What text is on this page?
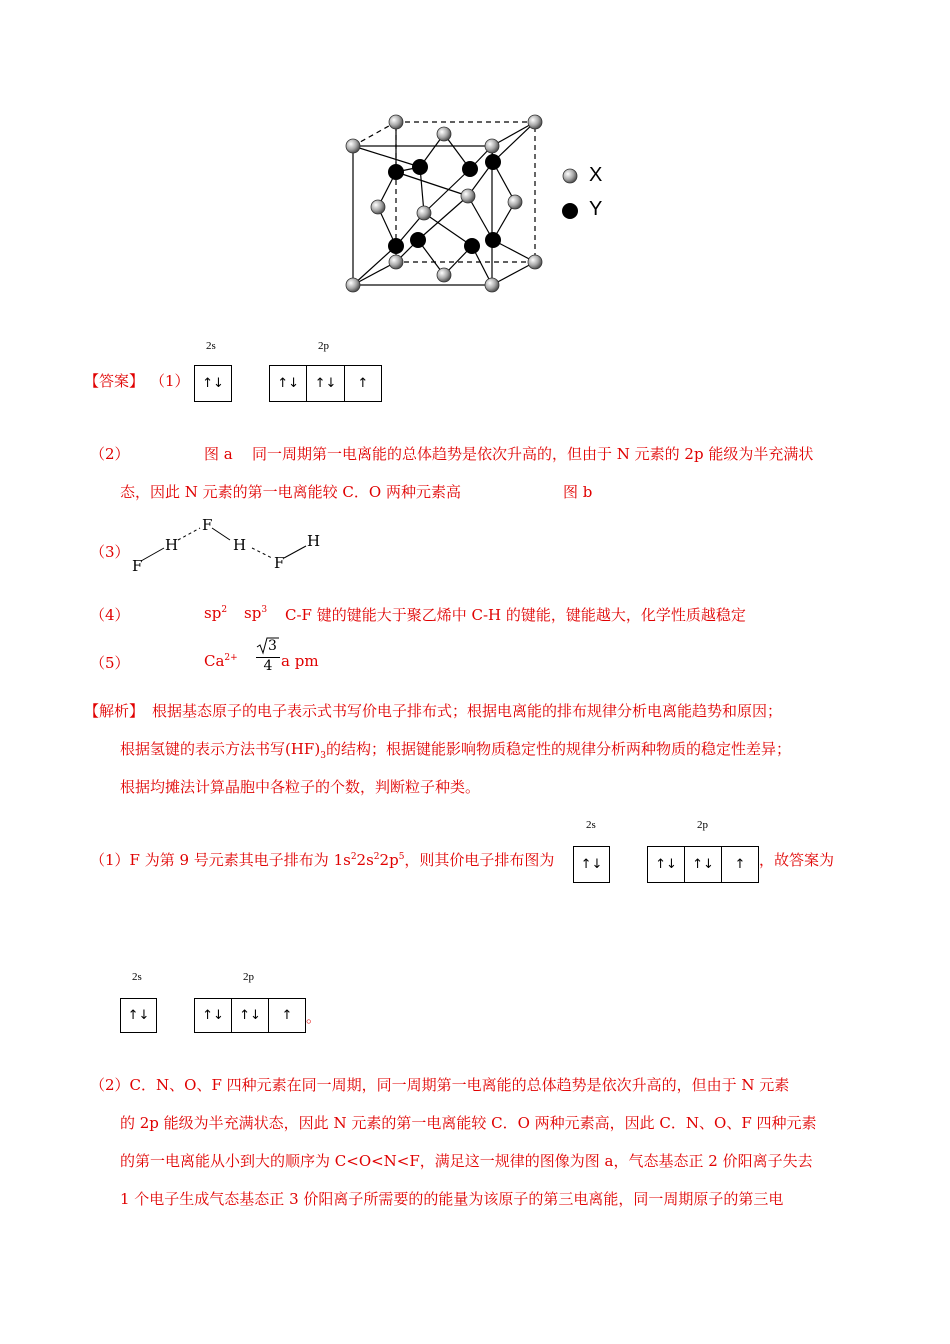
X
Y
【答案】 （1）
2s	2p
↑↓	↑↓	↑↓	↑
（2）	图 a 同一周期第一电离能的总体趋势是依次升高的，但由于 N 元素的 2p 能级为半充满状
态，因此 N 元素的第一电离能较 C．O 两种元素高	图 b
（3）
F
H
F
H
F
H
（4）	$sp^2$ $sp^3$ C-F 键的键能大于聚乙烯中 C-H 的键能，键能越大，化学性质越稳定
（5）	$Ca^{2+}$
3
4 a pm
【解析】 根据基态原子的电子表示式书写价电子排布式；根据电离能的排布规律分析电离能趋势和原因；
根据氢键的表示方法书写$(HF)_3$的结构；根据键能影响物质稳定性的规律分析两种物质的稳定性差异；
根据均摊法计算晶胞中各粒子的个数，判断粒子种类。
（1）F 为第 9 号元素其电子排布为 $1s^22s^22p^5$，则其价电子排布图为
2s	2p
↑↓	↑↓	↑↓	↑ ，故答案为
2s	2p
↑↓	↑↓	↑↓	↑ 。
（2）C．N、O、F 四种元素在同一周期，同一周期第一电离能的总体趋势是依次升高的，但由于 N 元素
的 2p 能级为半充满状态，因此 N 元素的第一电离能较 C．O 两种元素高，因此 C．N、O、F 四种元素
的第一电离能从小到大的顺序为 C<O<N<F，满足这一规律的图像为图 a，气态基态正 2 价阳离子失去
1 个电子生成气态基态正 3 价阳离子所需要的的能量为该原子的第三电离能，同一周期原子的第三电
